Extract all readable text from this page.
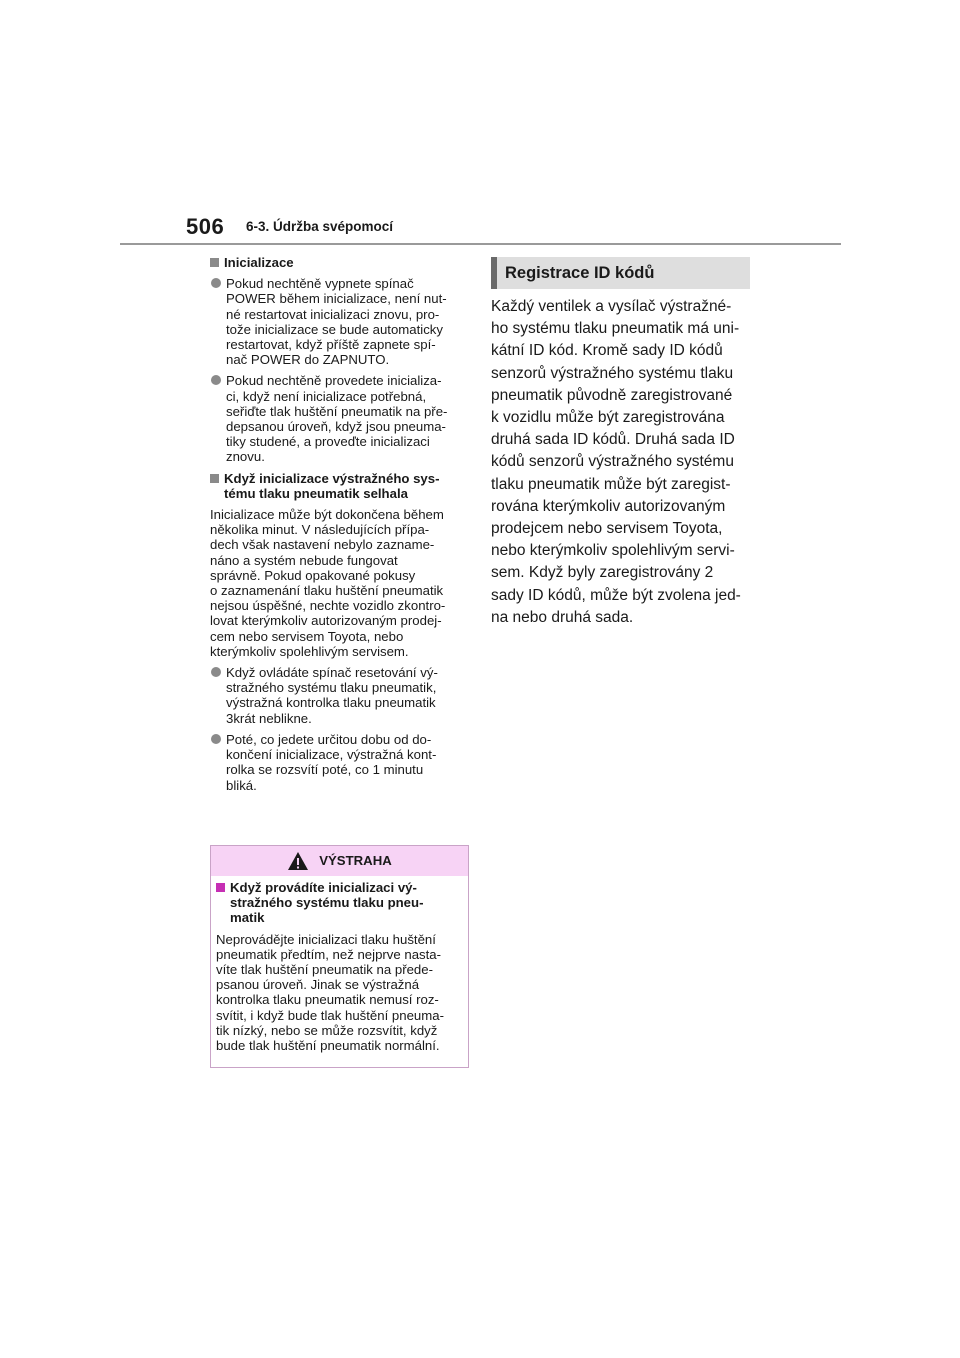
506 6-3. Údržba svépomocí
Inicializace
Pokud nechtěně vypnete spínač
POWER během inicializace, není nut-
né restartovat inicializaci znovu, pro-
tože inicializace se bude automaticky
restartovat, když příště zapnete spí-
nač POWER do ZAPNUTO.
Pokud nechtěně provedete inicializa-
ci, když není inicializace potřebná,
seřiďte tlak huštění pneumatik na pře-
depsanou úroveň, když jsou pneuma-
tiky studené, a proveďte inicializaci
znovu.
Když inicializace výstražného sys-
tému tlaku pneumatik selhala
Inicializace může být dokončena během
několika minut. V následujících přípa-
dech však nastavení nebylo zazname-
náno a systém nebude fungovat
správně. Pokud opakované pokusy
o zaznamenání tlaku huštění pneumatik
nejsou úspěšné, nechte vozidlo zkontro-
lovat kterýmkoliv autorizovaným prodej-
cem nebo servisem Toyota, nebo
kterýmkoliv spolehlivým servisem.
Když ovládáte spínač resetování vý-
stražného systému tlaku pneumatik,
výstražná kontrolka tlaku pneumatik
3krát neblikne.
Poté, co jedete určitou dobu od do-
končení inicializace, výstražná kont-
rolka se rozsvítí poté, co 1 minutu
bliká.
VÝSTRAHA
Když provádíte inicializaci vý-
stražného systému tlaku pneu-
matik
Neprovádějte inicializaci tlaku huštění
pneumatik předtím, než nejprve nasta-
víte tlak huštění pneumatik na přede-
psanou úroveň. Jinak se výstražná
kontrolka tlaku pneumatik nemusí roz-
svítit, i když bude tlak huštění pneuma-
tik nízký, nebo se může rozsvítit, když
bude tlak huštění pneumatik normální.
Registrace ID kódů
Každý ventilek a vysílač výstražné-
ho systému tlaku pneumatik má uni-
kátní ID kód. Kromě sady ID kódů
senzorů výstražného systému tlaku
pneumatik původně zaregistrované
k vozidlu může být zaregistrována
druhá sada ID kódů. Druhá sada ID
kódů senzorů výstražného systému
tlaku pneumatik může být zaregist-
rována kterýmkoliv autorizovaným
prodejcem nebo servisem Toyota,
nebo kterýmkoliv spolehlivým servi-
sem. Když byly zaregistrovány 2
sady ID kódů, může být zvolena jed-
na nebo druhá sada.
